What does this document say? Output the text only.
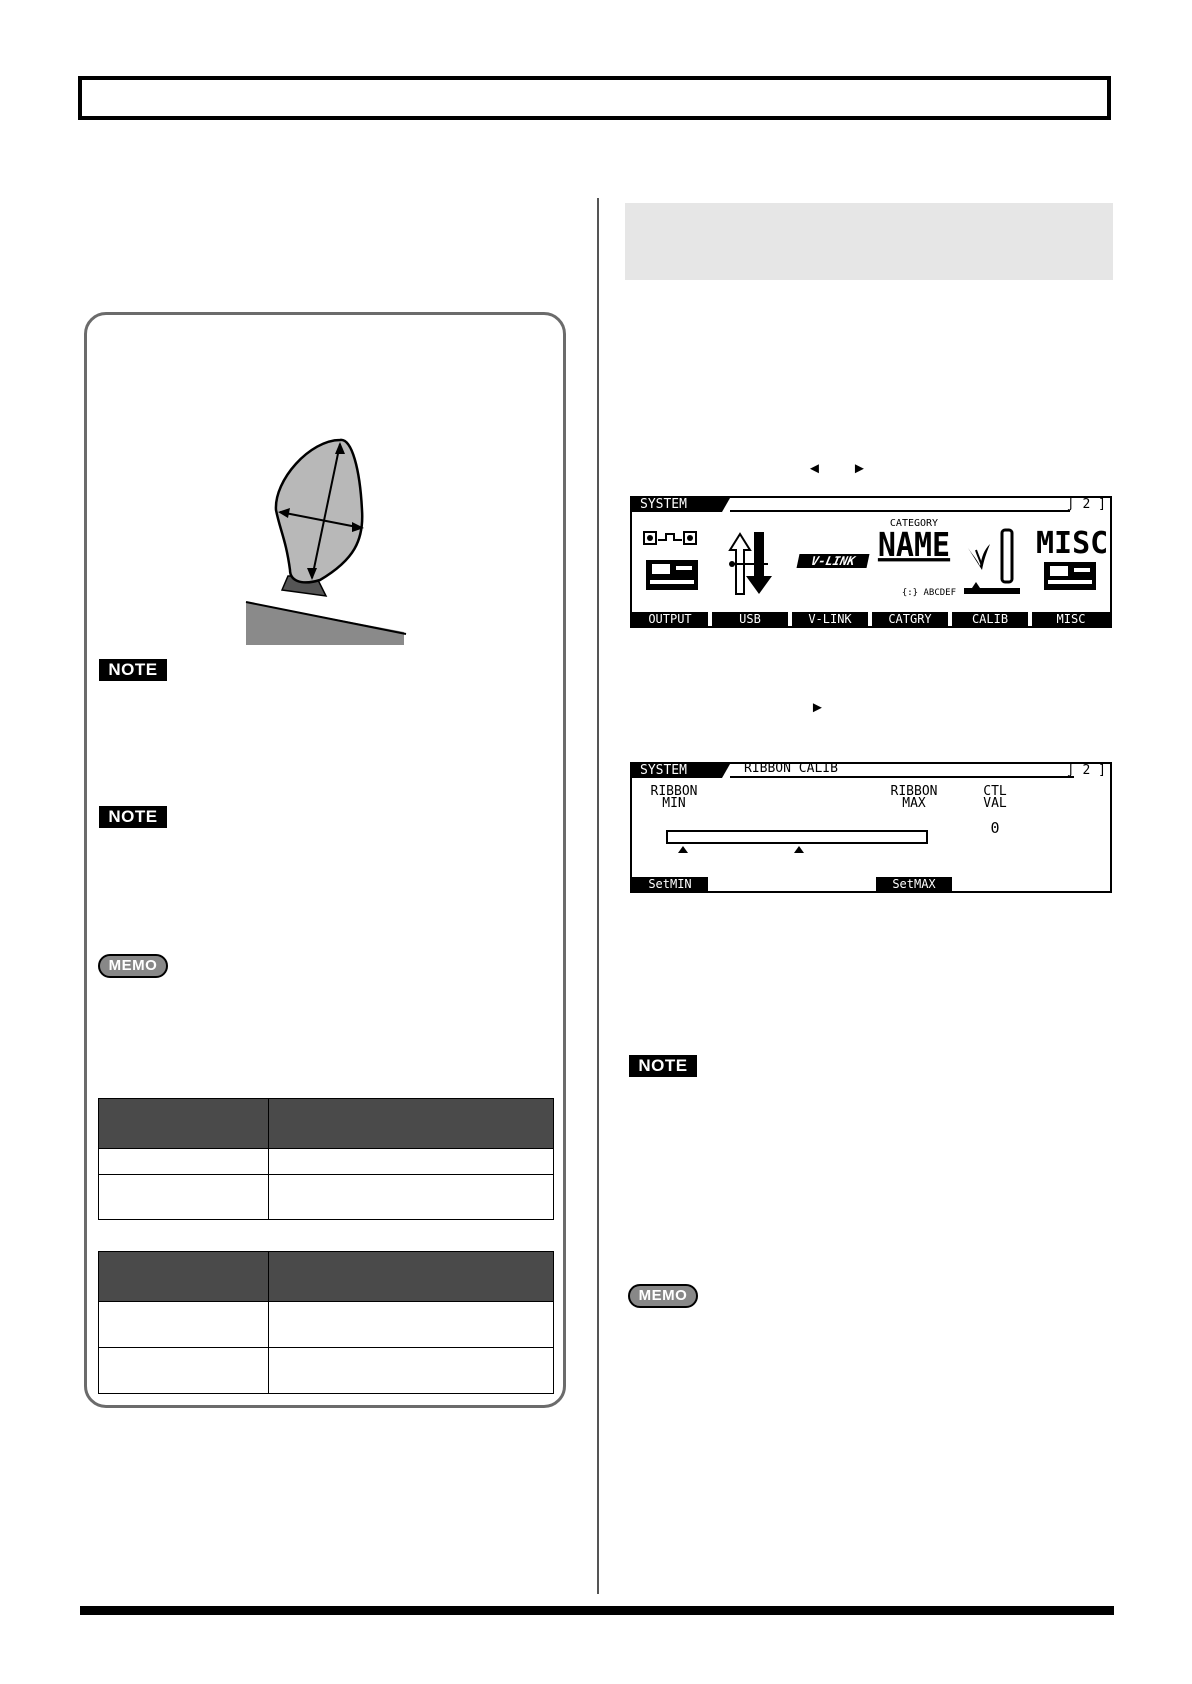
NOTE
NOTE
MEMO

◄ ►
►
SYSTEM	∫ 2 ]
V-LINK
CATEGORY
NAME
{:} ABCDEF
MISC
OUTPUT	USB	V-LINK	CATGRY	CALIB	MISC
SYSTEM	RIBBON CALIB	∫ 2 ]
RIBBON
MIN
RIBBON
MAX
CTL
VAL
0
SetMIN	SetMAX
NOTE
MEMO
